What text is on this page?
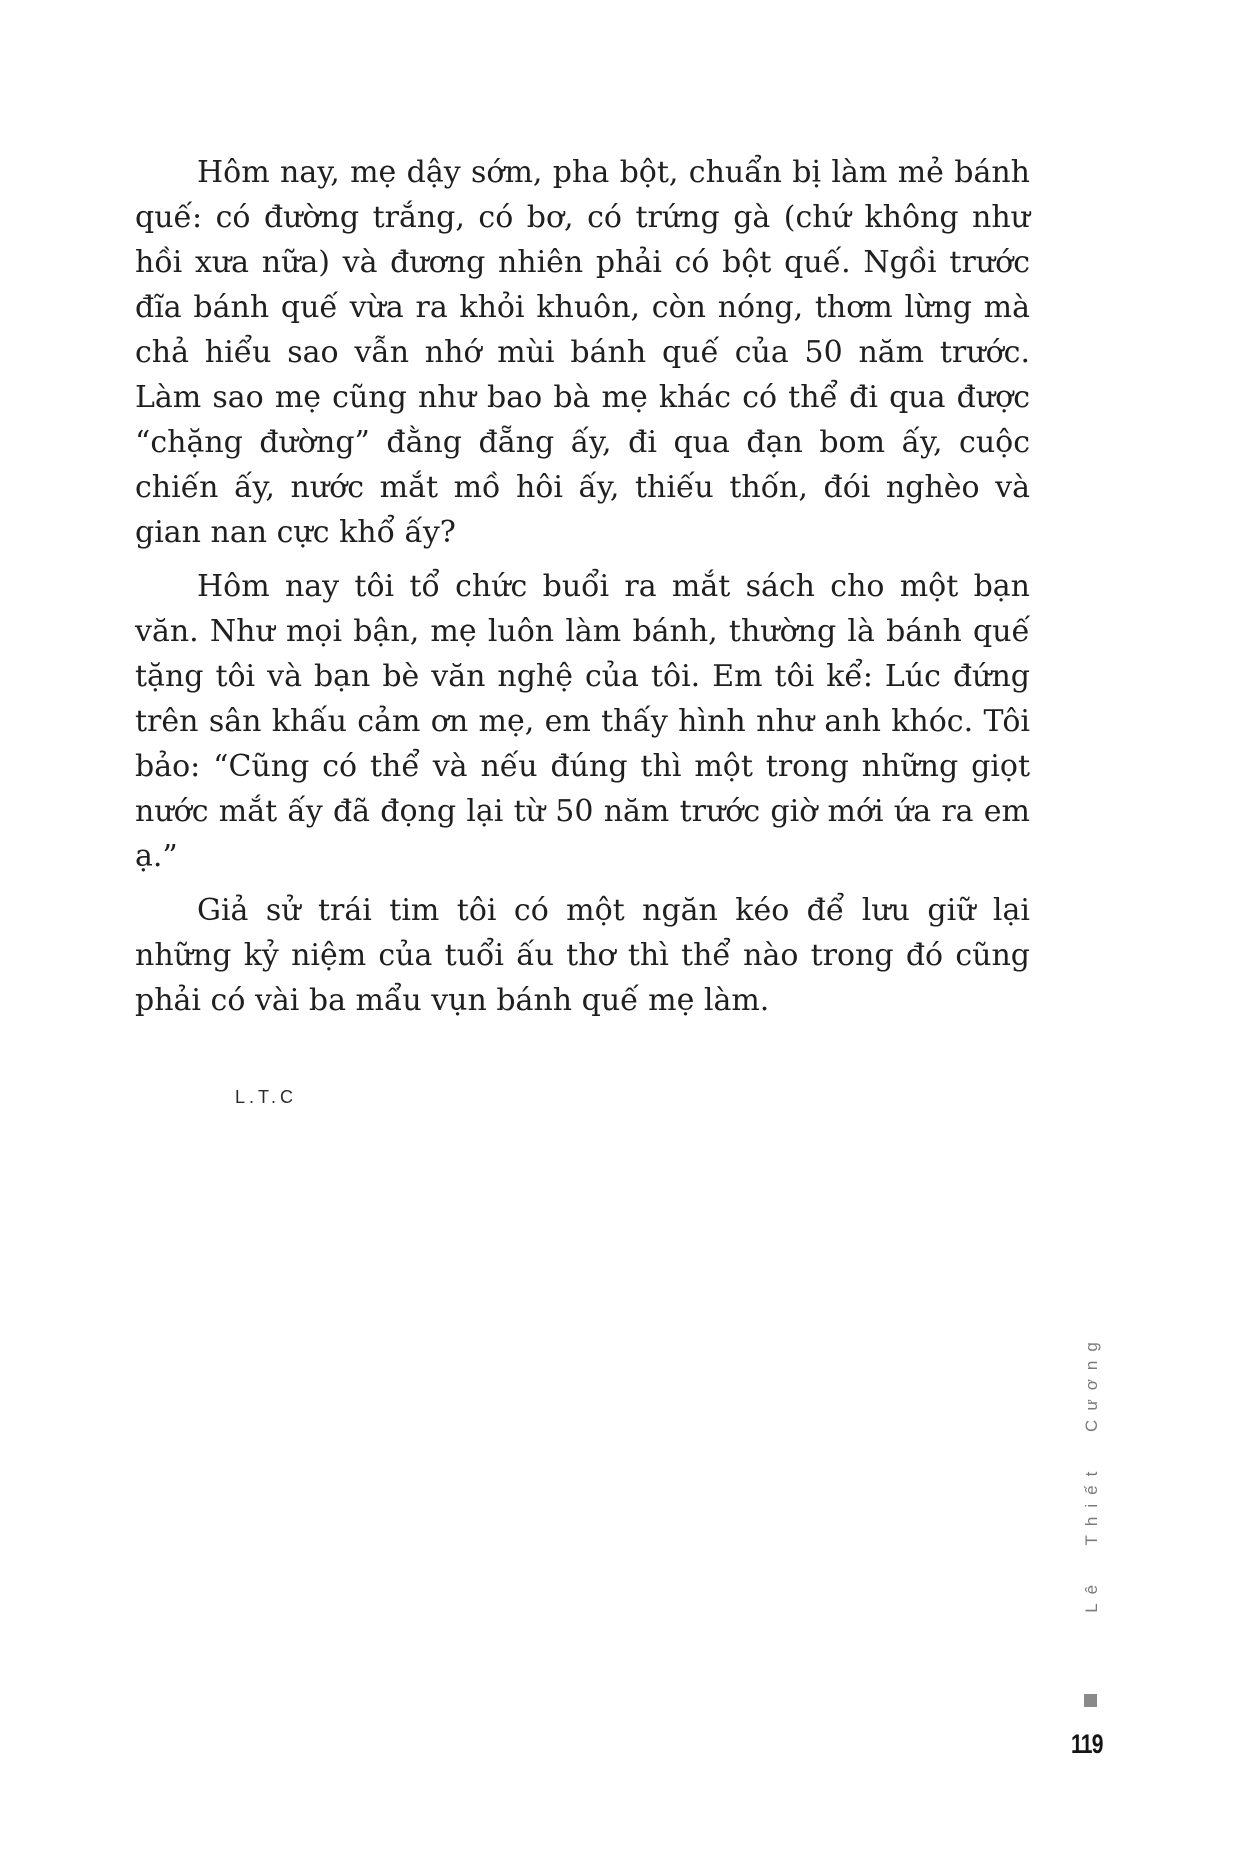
Hôm nay, mẹ dậy sớm, pha bột, chuẩn bị làm mẻ bánh quế: có đường trắng, có bơ, có trứng gà (chứ không như hồi xưa nữa) và đương nhiên phải có bột quế. Ngồi trước đĩa bánh quế vừa ra khỏi khuôn, còn nóng, thơm lừng mà chả hiểu sao vẫn nhớ mùi bánh quế của 50 năm trước. Làm sao mẹ cũng như bao bà mẹ khác có thể đi qua được “chặng đường” đằng đẵng ấy, đi qua đạn bom ấy, cuộc chiến ấy, nước mắt mồ hôi ấy, thiếu thốn, đói nghèo và gian nan cực khổ ấy?

Hôm nay tôi tổ chức buổi ra mắt sách cho một bạn văn. Như mọi bận, mẹ luôn làm bánh, thường là bánh quế tặng tôi và bạn bè văn nghệ của tôi. Em tôi kể: Lúc đứng trên sân khấu cảm ơn mẹ, em thấy hình như anh khóc. Tôi bảo: “Cũng có thể và nếu đúng thì một trong những giọt nước mắt ấy đã đọng lại từ 50 năm trước giờ mới ứa ra em ạ.”

Giả sử trái tim tôi có một ngăn kéo để lưu giữ lại những kỷ niệm của tuổi ấu thơ thì thể nào trong đó cũng phải có vài ba mẩu vụn bánh quế mẹ làm.

L.T.C
Lê Thiết Cương
119
